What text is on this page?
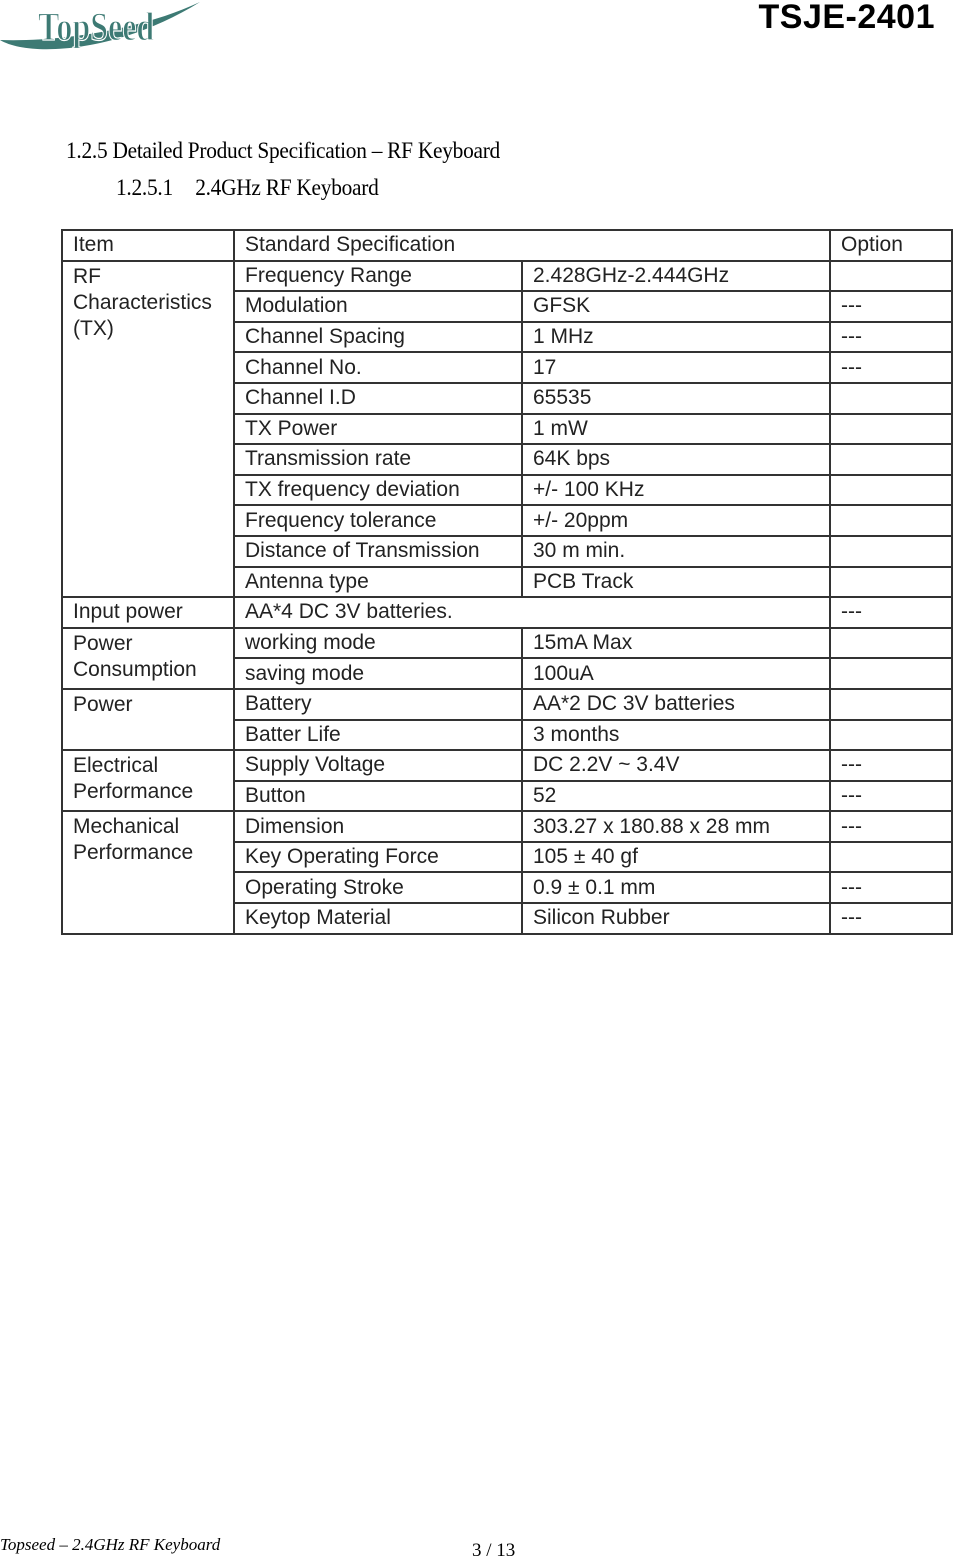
TopSeed	TSJE-2401
1.2.5 Detailed Product Specification – RF Keyboard
1.2.5.1 2.4GHz RF Keyboard
Item	Standard Specification		Option
RF Characteristics (TX)	Frequency Range	2.428GHz-2.444GHz	
	Modulation	GFSK	---
	Channel Spacing	1 MHz	---
	Channel No.	17	---
	Channel I.D	65535	
	TX Power	1 mW	
	Transmission rate	64K bps	
	TX frequency deviation	+/- 100 KHz	
	Frequency tolerance	+/- 20ppm	
	Distance of Transmission	30 m min.	
	Antenna type	PCB Track	
Input power	AA*4 DC 3V batteries.		---
Power Consumption	working mode	15mA Max	
	saving mode	100uA	
Power	Battery	AA*2 DC 3V batteries	
	Batter Life	3 months	
Electrical Performance	Supply Voltage	DC 2.2V ~ 3.4V	---
	Button	52	---
Mechanical Performance	Dimension	303.27 x 180.88 x 28 mm	---
	Key Operating Force	105 ± 40 gf	
	Operating Stroke	0.9 ± 0.1 mm	---
	Keytop Material	Silicon Rubber	---
Topseed – 2.4GHz RF Keyboard	3 / 13
